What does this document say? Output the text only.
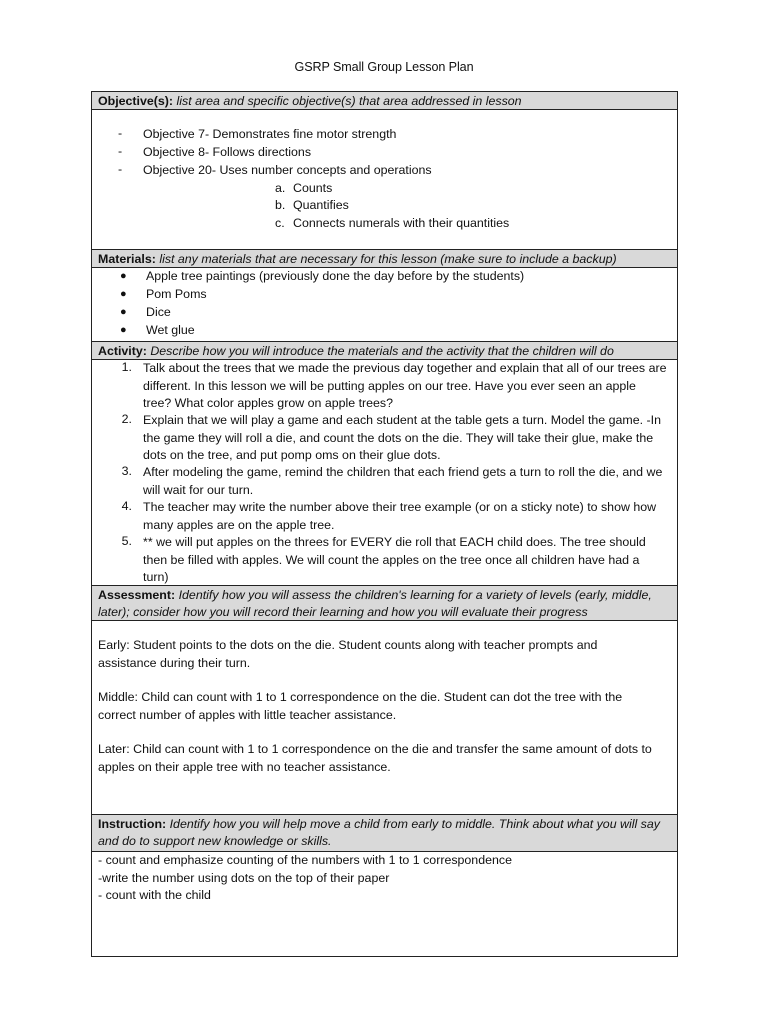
GSRP Small Group Lesson Plan
Objective(s): list area and specific objective(s) that area addressed in lesson
- Objective 7- Demonstrates fine motor strength
- Objective 8- Follows directions
- Objective 20- Uses number concepts and operations
a. Counts
b. Quantifies
c. Connects numerals with their quantities
Materials: list any materials that are necessary for this lesson (make sure to include a backup)
● Apple tree paintings (previously done the day before by the students)
● Pom Poms
● Dice
● Wet glue
Activity: Describe how you will introduce the materials and the activity that the children will do
1. Talk about the trees that we made the previous day together and explain that all of our trees are different. In this lesson we will be putting apples on our tree. Have you ever seen an apple tree? What color apples grow on apple trees?
2. Explain that we will play a game and each student at the table gets a turn. Model the game. -In the game they will roll a die, and count the dots on the die. They will take their glue, make the dots on the tree, and put pomp oms on their glue dots.
3. After modeling the game, remind the children that each friend gets a turn to roll the die, and we will wait for our turn.
4. The teacher may write the number above their tree example (or on a sticky note) to show how many apples are on the apple tree.
5. ** we will put apples on the threes for EVERY die roll that EACH child does. The tree should then be filled with apples. We will count the apples on the tree once all children have had a turn)
Assessment: Identify how you will assess the children's learning for a variety of levels (early, middle, later); consider how you will record their learning and how you will evaluate their progress
Early: Student points to the dots on the die. Student counts along with teacher prompts and assistance during their turn.
Middle: Child can count with 1 to 1 correspondence on the die. Student can dot the tree with the correct number of apples with little teacher assistance.
Later: Child can count with 1 to 1 correspondence on the die and transfer the same amount of dots to apples on their apple tree with no teacher assistance.
Instruction: Identify how you will help move a child from early to middle. Think about what you will say and do to support new knowledge or skills.
- count and emphasize counting of the numbers with 1 to 1 correspondence
-write the number using dots on the top of their paper
- count with the child
